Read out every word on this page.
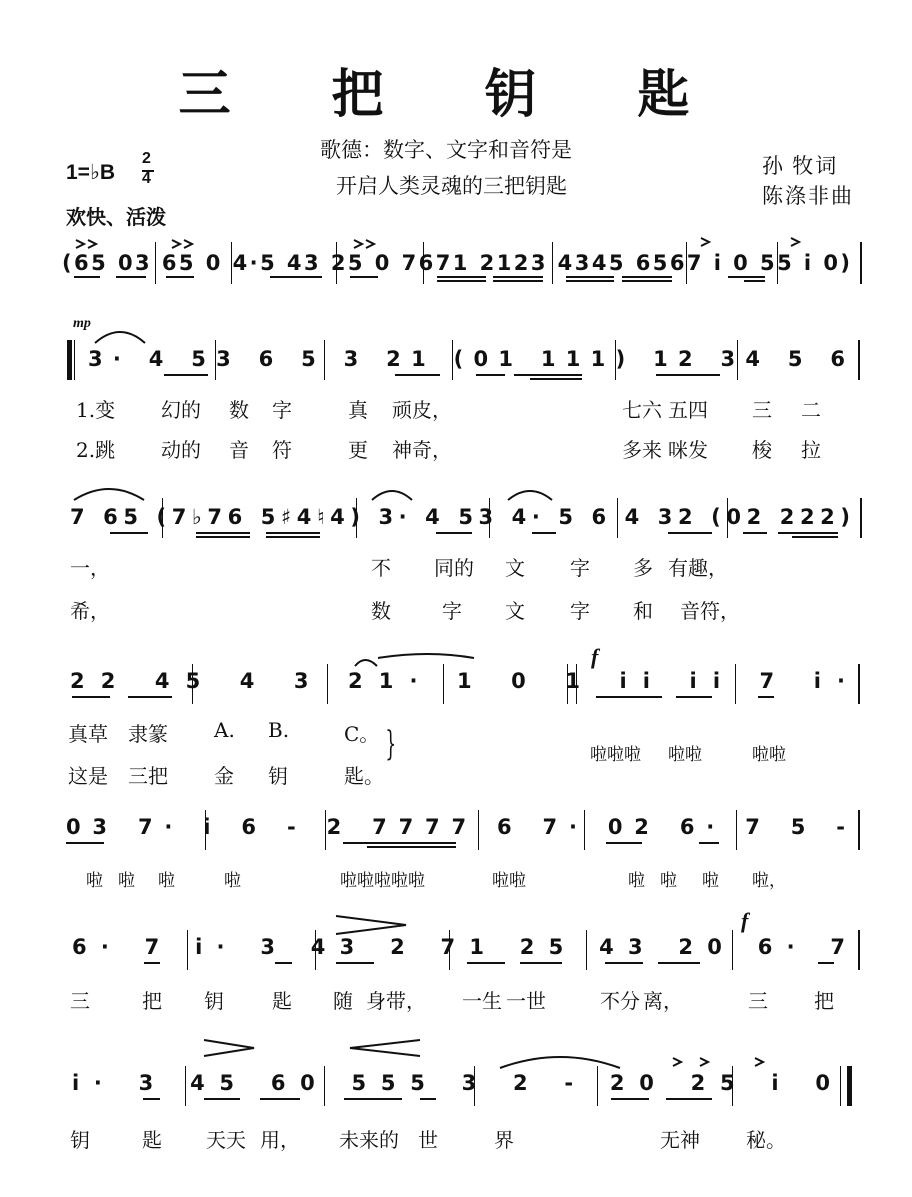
三 把 钥 匙
歌德：数字、文字和音符是
开启人类灵魂的三把钥匙
孙 牧词
陈涤非曲
1=♭B
2
4
欢快、活泼
mp
f
f
(65 03 65 0 4·5 43 25 0 7671 2123 4345 6567 i 0 55 i 0)
3· 4 53 6 5 3 21 (01 111) 12 34 5 6
7 65 (7♭76 5♯4♮4) 3· 4 53 4· 5 6 4 32 (02 222)
22 45 4 3 21· 1 0 1 ii ii 7 i·
03 7· i 6 - 2 7777 6 7· 02 6· 7 5 -
6· 7 i· 3 43 2 71 25 43 20 6· 7
i· 3 45 60 555 3 2 - 20 25 i 0
1.变 幻的 数 字	真 顽皮，	七六 五四 三 二
2.跳 动的 音 符	更 神奇，	多来 咪发 梭 拉
一，	不 同的 文 字 多 有趣，
希，	数	字 文 字 和 音符，
真草 隶篆 A. B.	C。
这是 三把 金 钥	匙。
}	啦啦啦 啦啦	啦啦
啦 啦 啦	啦	啦啦啦啦啦	啦啦	啦 啦 啦 啦，
三	把 钥 匙 随 身带， 一生 一世	不分 离，	三 把
钥	匙 天天 用， 未来的 世	界	无神 秘。
